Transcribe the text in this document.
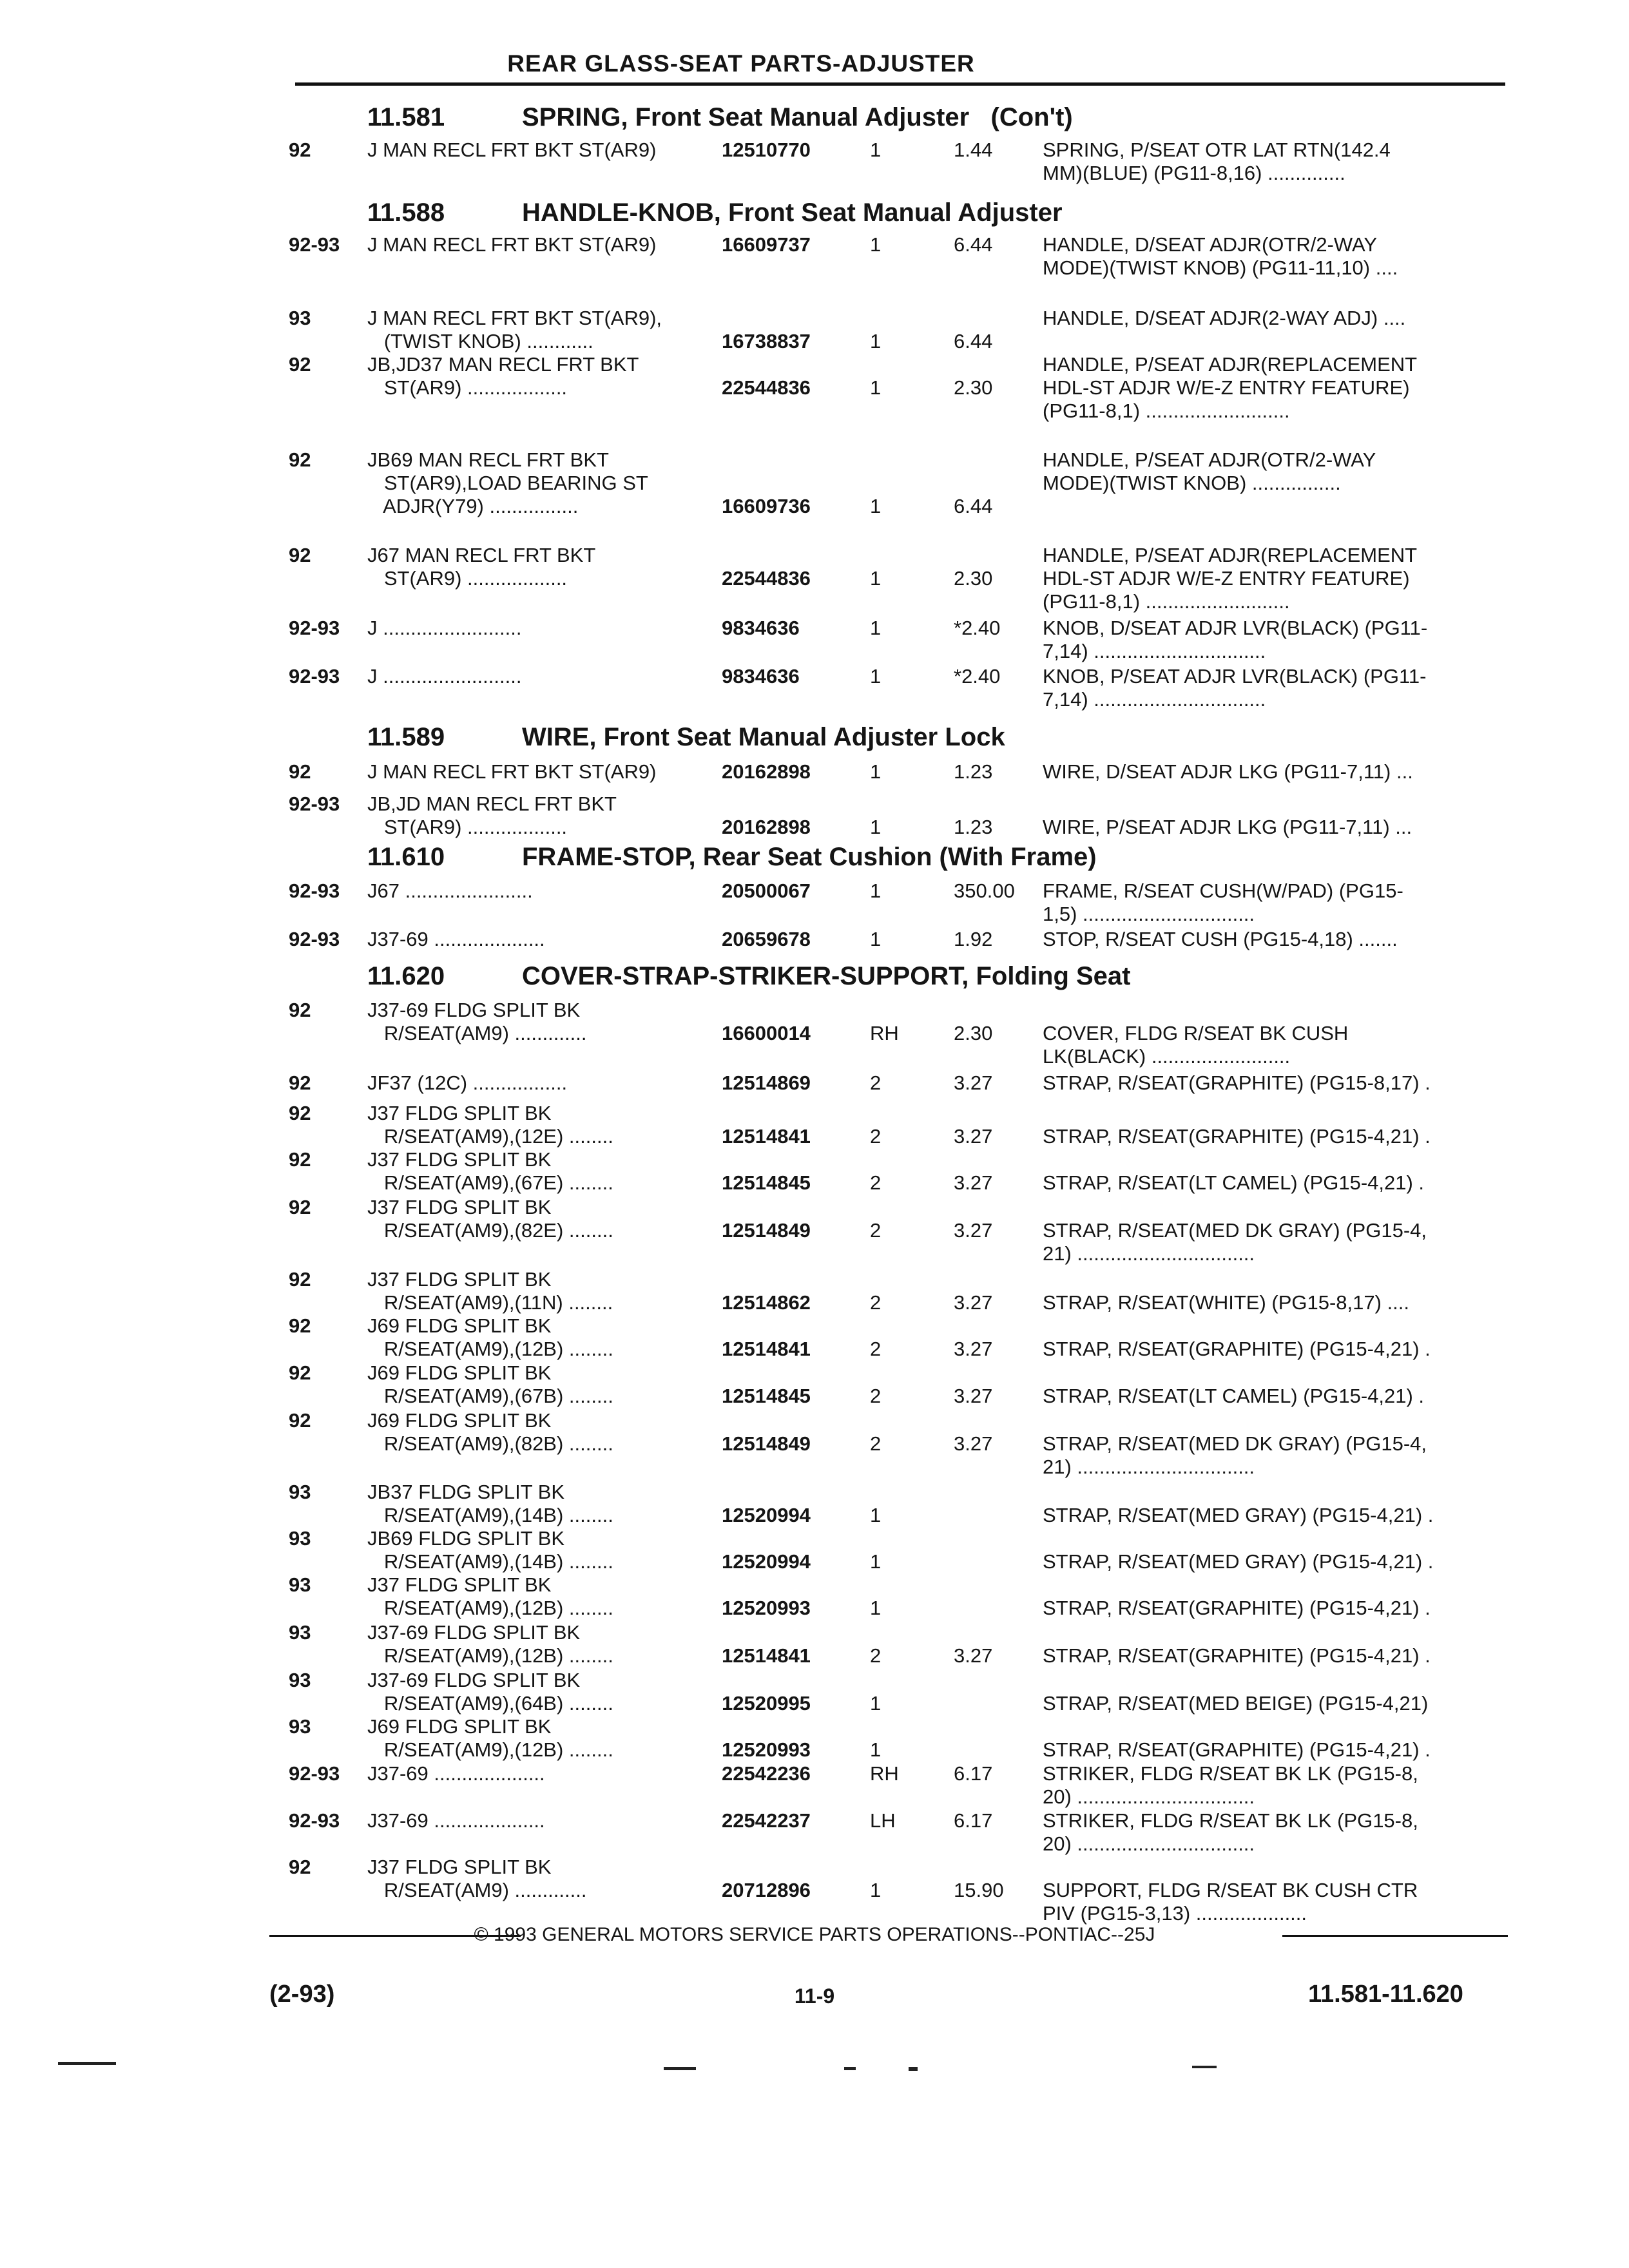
REAR GLASS-SEAT PARTS-ADJUSTER
11.581	SPRING, Front Seat Manual Adjuster   (Con't)
11.588	HANDLE-KNOB, Front Seat Manual Adjuster
11.589	WIRE, Front Seat Manual Adjuster Lock
11.610	FRAME-STOP, Rear Seat Cushion (With Frame)
11.620	COVER-STRAP-STRIKER-SUPPORT, Folding Seat
92	J MAN RECL FRT BKT ST(AR9)	12510770	1	1.44	SPRING, P/SEAT OTR LAT RTN(142.4
MM)(BLUE) (PG11-8,16) ..............
92-93 J MAN RECL FRT BKT ST(AR9)	16609737	1	6.44	HANDLE, D/SEAT ADJR(OTR/2-WAY
MODE)(TWIST KNOB) (PG11-11,10) ....
93	J MAN RECL FRT BKT ST(AR9),
(TWIST KNOB) ............	16738837	1	6.44
HANDLE, D/SEAT ADJR(2-WAY ADJ) ....
92	JB,JD37 MAN RECL FRT BKT
ST(AR9) ..................	22544836	1	2.30
HANDLE, P/SEAT ADJR(REPLACEMENT
HDL-ST ADJR W/E-Z ENTRY FEATURE)
(PG11-8,1) ..........................
92	JB69 MAN RECL FRT BKT
ST(AR9),LOAD BEARING ST
ADJR(Y79) ................	16609736	1	6.44
HANDLE, P/SEAT ADJR(OTR/2-WAY
MODE)(TWIST KNOB) ................
92	J67 MAN RECL FRT BKT
ST(AR9) ..................	22544836	1	2.30
HANDLE, P/SEAT ADJR(REPLACEMENT
HDL-ST ADJR W/E-Z ENTRY FEATURE)
(PG11-8,1) ..........................
92-93 J .........................	9834636	1	*2.40 KNOB, D/SEAT ADJR LVR(BLACK) (PG11-
7,14) ...............................
92-93 J .........................	9834636	1	*2.40 KNOB, P/SEAT ADJR LVR(BLACK) (PG11-
7,14) ...............................
92	J MAN RECL FRT BKT ST(AR9)	20162898	1	1.23	WIRE, D/SEAT ADJR LKG (PG11-7,11) ...
92-93 JB,JD MAN RECL FRT BKT
ST(AR9) ..................	20162898	1	1.23	WIRE, P/SEAT ADJR LKG (PG11-7,11) ...
92-93 J67 .......................	20500067	1	350.00 FRAME, R/SEAT CUSH(W/PAD) (PG15-
1,5) ...............................
92-93 J37-69 ....................	20659678	1	1.92	STOP, R/SEAT CUSH (PG15-4,18) .......
92	J37-69 FLDG SPLIT BK
R/SEAT(AM9) .............	16600014	RH	2.30	COVER, FLDG R/SEAT BK CUSH
LK(BLACK) .........................
92	JF37 (12C) .................	12514869	2	3.27	STRAP, R/SEAT(GRAPHITE) (PG15-8,17) .
92	J37 FLDG SPLIT BK
R/SEAT(AM9),(12E) ........	12514841	2	3.27	STRAP, R/SEAT(GRAPHITE) (PG15-4,21) .
92	J37 FLDG SPLIT BK
R/SEAT(AM9),(67E) ........	12514845	2	3.27	STRAP, R/SEAT(LT CAMEL) (PG15-4,21) .
92	J37 FLDG SPLIT BK
R/SEAT(AM9),(82E) ........	12514849	2	3.27	STRAP, R/SEAT(MED DK GRAY) (PG15-4,
21) ................................
92	J37 FLDG SPLIT BK
R/SEAT(AM9),(11N) ........	12514862	2	3.27	STRAP, R/SEAT(WHITE) (PG15-8,17) ....
92	J69 FLDG SPLIT BK
R/SEAT(AM9),(12B) ........	12514841	2	3.27	STRAP, R/SEAT(GRAPHITE) (PG15-4,21) .
92	J69 FLDG SPLIT BK
R/SEAT(AM9),(67B) ........	12514845	2	3.27	STRAP, R/SEAT(LT CAMEL) (PG15-4,21) .
92	J69 FLDG SPLIT BK
R/SEAT(AM9),(82B) ........	12514849	2	3.27	STRAP, R/SEAT(MED DK GRAY) (PG15-4,
21) ................................
93	JB37 FLDG SPLIT BK
R/SEAT(AM9),(14B) ........	12520994	1	STRAP, R/SEAT(MED GRAY) (PG15-4,21) .
93	JB69 FLDG SPLIT BK
R/SEAT(AM9),(14B) ........	12520994	1	STRAP, R/SEAT(MED GRAY) (PG15-4,21) .
93	J37 FLDG SPLIT BK
R/SEAT(AM9),(12B) ........	12520993	1	STRAP, R/SEAT(GRAPHITE) (PG15-4,21) .
93	J37-69 FLDG SPLIT BK
R/SEAT(AM9),(12B) ........	12514841	2	3.27	STRAP, R/SEAT(GRAPHITE) (PG15-4,21) .
93	J37-69 FLDG SPLIT BK
R/SEAT(AM9),(64B) ........	12520995	1	STRAP, R/SEAT(MED BEIGE) (PG15-4,21)
93	J69 FLDG SPLIT BK
R/SEAT(AM9),(12B) ........	12520993	1	STRAP, R/SEAT(GRAPHITE) (PG15-4,21) .
92-93 J37-69 ....................	22542236	RH	6.17	STRIKER, FLDG R/SEAT BK LK (PG15-8,
20) ................................
92-93 J37-69 ....................	22542237	LH	6.17	STRIKER, FLDG R/SEAT BK LK (PG15-8,
20) ................................
92	J37 FLDG SPLIT BK
R/SEAT(AM9) .............	20712896	1	15.90 SUPPORT, FLDG R/SEAT BK CUSH CTR
PIV (PG15-3,13) ....................
© 1993 GENERAL MOTORS SERVICE PARTS OPERATIONS--PONTIAC--25J
(2-93)	11-9	11.581-11.620
